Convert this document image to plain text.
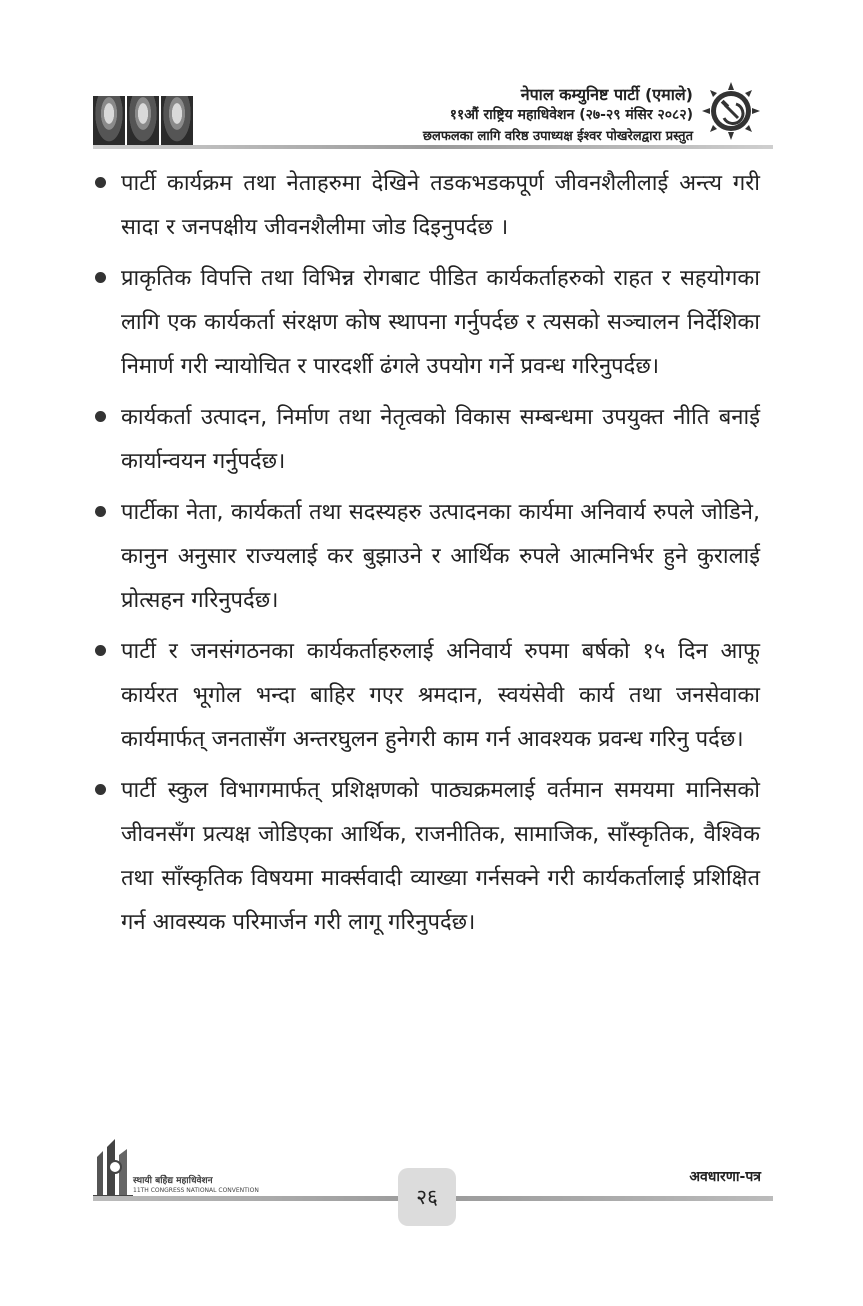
नेपाल कम्युनिष्ट पार्टी (एमाले)
११औं राष्ट्रिय महाधिवेशन (२७-२९ मंसिर २०८२)
छलफलका लागि वरिष्ठ उपाध्यक्ष ईश्वर पोखरेलद्वारा प्रस्तुत

पार्टी कार्यक्रम तथा नेताहरुमा देखिने तडकभडकपूर्ण जीवनशैलीलाई अन्त्य गरी सादा र जनपक्षीय जीवनशैलीमा जोड दिइनुपर्दछ ।

प्राकृतिक विपत्ति तथा विभिन्न रोगबाट पीडित कार्यकर्ताहरुको राहत र सहयोगका लागि एक कार्यकर्ता संरक्षण कोष स्थापना गर्नुपर्दछ र त्यसको सञ्चालन निर्देशिका निमार्ण गरी न्यायोचित र पारदर्शी ढंगले उपयोग गर्ने प्रवन्ध गरिनुपर्दछ।

कार्यकर्ता उत्पादन, निर्माण तथा नेतृत्वको विकास सम्बन्धमा उपयुक्त नीति बनाई कार्यान्वयन गर्नुपर्दछ।

पार्टीका नेता, कार्यकर्ता तथा सदस्यहरु उत्पादनका कार्यमा अनिवार्य रुपले जोडिने, कानुन अनुसार राज्यलाई कर बुझाउने र आर्थिक रुपले आत्मनिर्भर हुने कुरालाई प्रोत्सहन गरिनुपर्दछ।

पार्टी र जनसंगठनका कार्यकर्ताहरुलाई अनिवार्य रुपमा बर्षको १५ दिन आफू कार्यरत भूगोल भन्दा बाहिर गएर श्रमदान, स्वयंसेवी कार्य तथा जनसेवाका कार्यमार्फत् जनतासँग अन्तरघुलन हुनेगरी काम गर्न आवश्यक प्रवन्ध गरिनु पर्दछ।

पार्टी स्कुल विभागमार्फत् प्रशिक्षणको पाठ्यक्रमलाई वर्तमान समयमा मानिसको जीवनसँग प्रत्यक्ष जोडिएका आर्थिक, राजनीतिक, सामाजिक, साँस्कृतिक, वैश्विक तथा साँस्कृतिक विषयमा मार्क्सवादी व्याख्या गर्नसक्ने गरी कार्यकर्तालाई प्रशिक्षित गर्न आवस्यक परिमार्जन गरी लागू गरिनुपर्दछ।

स्थायी बहेिद्य महाधिवेशन
11TH CONGRESS NATIONAL CONVENTION	२६
अवधारणा-पत्र
